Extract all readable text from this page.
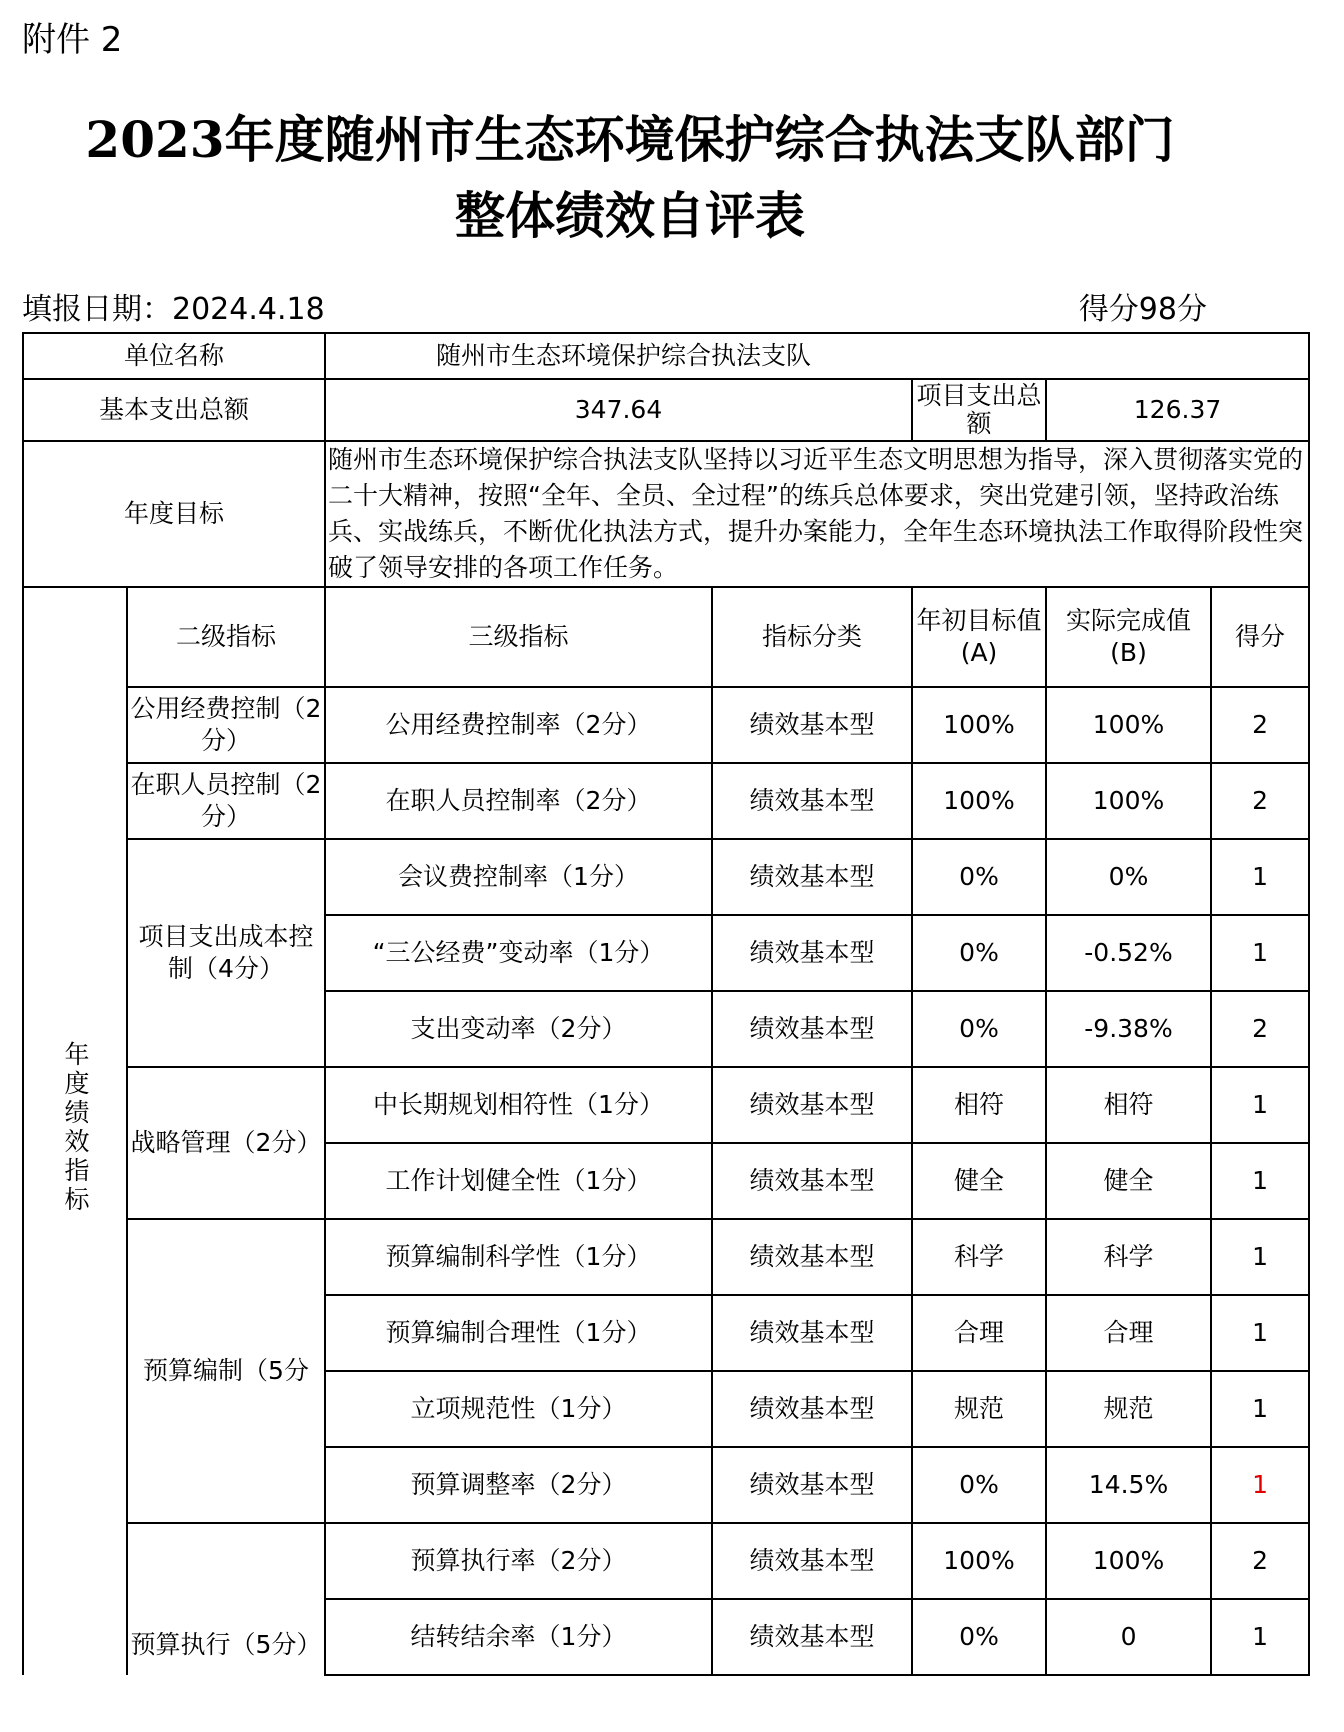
附件 2
2023年度随州市生态环境保护综合执法支队部门
整体绩效自评表
填报日期：2024.4.18	得分98分
单位名称		随州市生态环境保护综合执法支队				
基本支出总额		347.64		项目支出总额	126.37	
年度目标		随州市生态环境保护综合执法支队坚持以习近平生态文明思想为指导，深入贯彻落实党的二十大精神，按照“全年、全员、全过程”的练兵总体要求，突出党建引领，坚持政治练兵、实战练兵，不断优化执法方式，提升办案能力，全年生态环境执法工作取得阶段性突破了领导安排的各项工作任务。				
年度绩效指标	二级指标	三级指标	指标分类	年初目标值(A)	实际完成值(B)	得分
	公用经费控制（2分）	公用经费控制率（2分）	绩效基本型	100%	100%	2
	在职人员控制（2分）	在职人员控制率（2分）	绩效基本型	100%	100%	2
	项目支出成本控制（4分）	会议费控制率（1分）	绩效基本型	0%	0%	1
		“三公经费”变动率（1分）	绩效基本型	0%	-0.52%	1
		支出变动率（2分）	绩效基本型	0%	-9.38%	2
	战略管理（2分）	中长期规划相符性（1分）	绩效基本型	相符	相符	1
		工作计划健全性（1分）	绩效基本型	健全	健全	1
	预算编制（5分	预算编制科学性（1分）	绩效基本型	科学	科学	1
		预算编制合理性（1分）	绩效基本型	合理	合理	1
		立项规范性（1分）	绩效基本型	规范	规范	1
		预算调整率（2分）	绩效基本型	0%	14.5%	1
	预算执行（5分）	预算执行率（2分）	绩效基本型	100%	100%	2
		结转结余率（1分）	绩效基本型	0%	0	1
